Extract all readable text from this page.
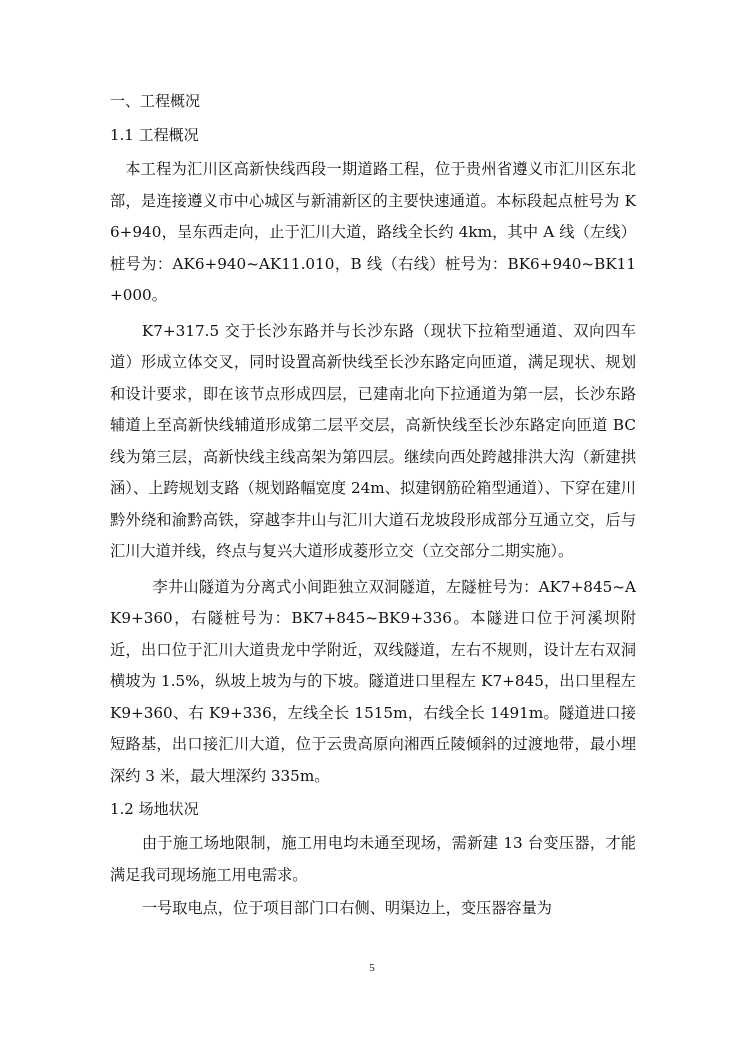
一、工程概况
1.1 工程概况

本工程为汇川区高新快线西段一期道路工程，位于贵州省遵义市汇川区东北部，是连接遵义市中心城区与新浦新区的主要快速通道。本标段起点桩号为 K6+940，呈东西走向，止于汇川大道，路线全长约 4km，其中 A 线（左线）桩号为：AK6+940~AK11.010，B 线（右线）桩号为：BK6+940~BK11+000。

K7+317.5 交于长沙东路并与长沙东路（现状下拉箱型通道、双向四车道）形成立体交叉，同时设置高新快线至长沙东路定向匝道，满足现状、规划和设计要求，即在该节点形成四层，已建南北向下拉通道为第一层，长沙东路辅道上至高新快线辅道形成第二层平交层，高新快线至长沙东路定向匝道 BC 线为第三层，高新快线主线高架为第四层。继续向西处跨越排洪大沟（新建拱涵）、上跨规划支路（规划路幅宽度 24m、拟建钢筋砼箱型通道）、下穿在建川黔外绕和渝黔高铁，穿越李井山与汇川大道石龙坡段形成部分互通立交，后与汇川大道并线，终点与复兴大道形成菱形立交（立交部分二期实施）。

李井山隧道为分离式小间距独立双洞隧道，左隧桩号为：AK7+845~AK9+360，右隧桩号为：BK7+845~BK9+336。本隧进口位于河溪坝附近，出口位于汇川大道贵龙中学附近，双线隧道，左右不规则，设计左右双洞横坡为 1.5%，纵坡上坡为与的下坡。隧道进口里程左 K7+845，出口里程左 K9+360、右 K9+336，左线全长 1515m，右线全长 1491m。隧道进口接短路基，出口接汇川大道，位于云贵高原向湘西丘陵倾斜的过渡地带，最小埋深约 3 米，最大埋深约 335m。

1.2 场地状况

由于施工场地限制，施工用电均未通至现场，需新建 13 台变压器，才能满足我司现场施工用电需求。

一号取电点，位于项目部门口右侧、明渠边上，变压器容量为

5
